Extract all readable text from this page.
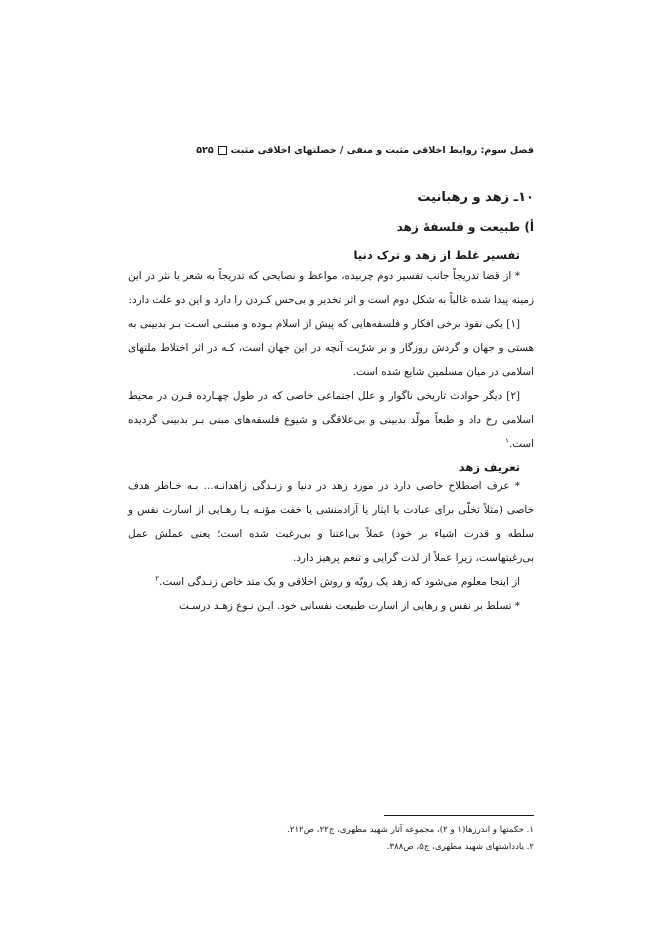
فصل سوم: روابط اخلاقی مثبت و منفی / خصلتهای اخلاقی مثبت
۵۲۵
۱۰ـ زهد و رهبانیت
أ) طبیعت و فلسفهٔ زهد
تفسیر غلط از زهد و ترک دنیا

* از قضا تدریجاً جانب تفسیر دوم چربیده، مواعظ و نصایحی که تدریجاً به شعر یا نثر در این زمینه پیدا شده غالباً به شکل دوم است و اثر تخدیر و بی‌حس کـردن را دارد و این دو علت دارد:

[۱] یکی نفوذ برخی افکار و فلسفه‌هایی که پیش از اسلام بـوده و مبتنـی اسـت بـر بدبینی به هستی و جهان و گردش روزگار و بر شرّیت آنچه در این جهان است، کـه در اثر اختلاط ملتهای اسلامی در میان مسلمین شایع شده است.

[۲] دیگر حوادث تاریخی ناگوار و علل اجتماعی خاصی که در طول چهـارده قـرن در محیط اسلامی رخ داد و طبعاً مولّد بدبینی و بی‌علاقگی و شیوع فلسفه‌های مبنی بـر بدبینی گردیده است.$^۱$

تعریف زهد

* عرف اصطلاح خاصی دارد در مورد زهد در دنیا و زنـدگی زاهدانـه... بـه خـاطر هدف خاصی (مثلاً تخلّی برای عبادت یا ایثار یا آزادمنشی یا خفت مؤنـه یـا رهـایی از اسارت نفس و سلطه و قدرت اشیاء بر خود) عملاً بی‌اعتنا و بی‌رغبت شده است؛ یعنی عملش عمل بی‌رغبتهاست، زیرا عملاً از لذت گرایی و تنعم پرهیز دارد.

از اینجا معلوم می‌شود که زهد یک رویّه و روش اخلاقی و یک متد خاص زنـدگی است.$^۲$

* تسلط بر نفس و رهایی از اسارت طبیعت نفسانی خود. ایـن نـوع زهـد درسـت

۱. حکمتها و اندرزها(۱ و ۲)، مجموعه آثار شهید مطهری، ج۲۲، ص۲۱۲.
۲. یادداشتهای شهید مطهری، ج۵، ص۳۸۸.
